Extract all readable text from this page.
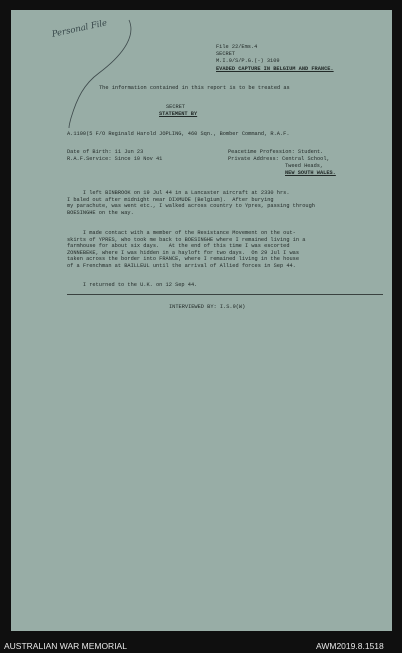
Personal File
File 22/Ems.4
SECRET
M.I.9/S/P.G.(-) 3109
EVADED CAPTURE IN BELGIUM AND FRANCE.
The information contained in this report is to be treated as
SECRET
STATEMENT BY
A.1100(5 F/O Reginald Harold JOPLING, 460 Sqn., Bomber Command, R.A.F.
Date of Birth: 11 Jun 23
R.A.F.Service: Since 10 Nov 41
Peacetime Profession: Student.
Private Address: Central School,
Tweed Heads,
NEW SOUTH WALES.
I left BINBROOK on 19 Jul 44 in a Lancaster aircraft at 2330 hrs.
I baled out after midnight near DIXMUDE (Belgium).  After burying
my parachute, was went etc., I walked across country to Ypres, passing through
BOESINGHE on the way.
I made contact with a member of the Resistance Movement on the out-
skirts of YPRES, who took me back to BOESINGHE where I remained living in a
farmhouse for about six days.   At the end of this time I was escorted
ZONNEBEKE, where I was hidden in a hayloft for two days.  On 29 Jul I was
taken across the border into FRANCE, where I remained living in the house
of a Frenchman at BAILLEUL until the arrival of Allied forces in Sep 44.
I returned to the U.K. on 12 Sep 44.
INTERVIEWED BY: I.S.9(W)
AUSTRALIAN WAR MEMORIAL	AWM2019.8.1518
